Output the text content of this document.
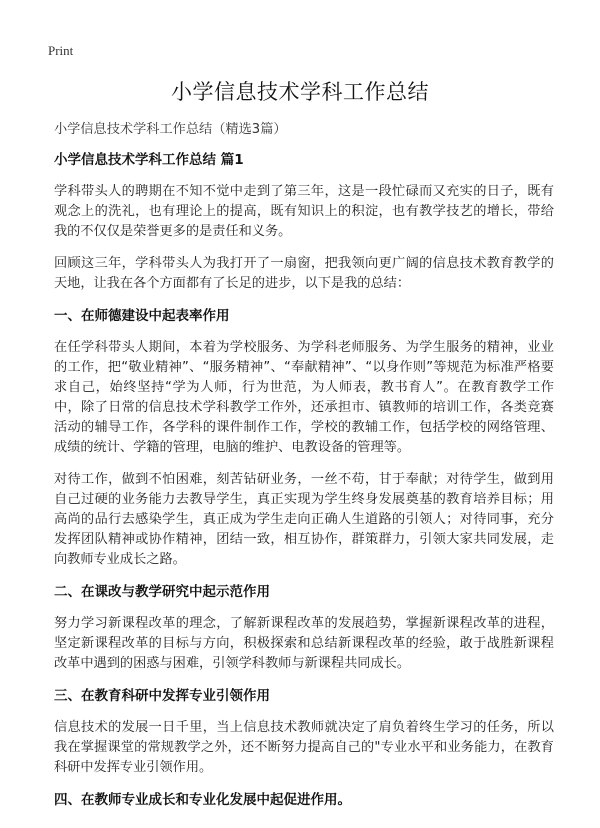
Print
小学信息技术学科工作总结

小学信息技术学科工作总结（精选3篇）

小学信息技术学科工作总结 篇1

学科带头人的聘期在不知不觉中走到了第三年，这是一段忙碌而又充实的日子，既有观念上的洗礼，也有理论上的提高，既有知识上的积淀，也有教学技艺的增长，带给我的不仅仅是荣誉更多的是责任和义务。

回顾这三年，学科带头人为我打开了一扇窗，把我领向更广阔的信息技术教育教学的天地，让我在各个方面都有了长足的进步，以下是我的总结：

一、在师德建设中起表率作用

在任学科带头人期间，本着为学校服务、为学科老师服务、为学生服务的精神，业业的工作，把“敬业精神”、“服务精神”、“奉献精神”、“以身作则”等规范为标准严格要求自己，始终坚持“学为人师，行为世范，为人师表，教书育人”。在教育教学工作中，除了日常的信息技术学科教学工作外，还承担市、镇教师的培训工作，各类竞赛活动的辅导工作，各学科的课件制作工作，学校的教辅工作，包括学校的网络管理、成绩的统计、学籍的管理，电脑的维护、电教设备的管理等。

对待工作，做到不怕困难，刻苦钻研业务，一丝不苟，甘于奉献；对待学生，做到用自己过硬的业务能力去教导学生，真正实现为学生终身发展奠基的教育培养目标；用高尚的品行去感染学生，真正成为学生走向正确人生道路的引领人；对待同事，充分发挥团队精神或协作精神，团结一致，相互协作，群策群力，引领大家共同发展，走向教师专业成长之路。

二、在课改与教学研究中起示范作用

努力学习新课程改革的理念，了解新课程改革的发展趋势，掌握新课程改革的进程，坚定新课程改革的目标与方向，积极探索和总结新课程改革的经验，敢于战胜新课程改革中遇到的困惑与困难，引领学科教师与新课程共同成长。

三、在教育科研中发挥专业引领作用

信息技术的发展一日千里，当上信息技术教师就决定了肩负着终生学习的任务，所以我在掌握课堂的常规教学之外，还不断努力提高自己的"专业水平和业务能力，在教育科研中发挥专业引领作用。

四、在教师专业成长和专业化发展中起促进作用。
